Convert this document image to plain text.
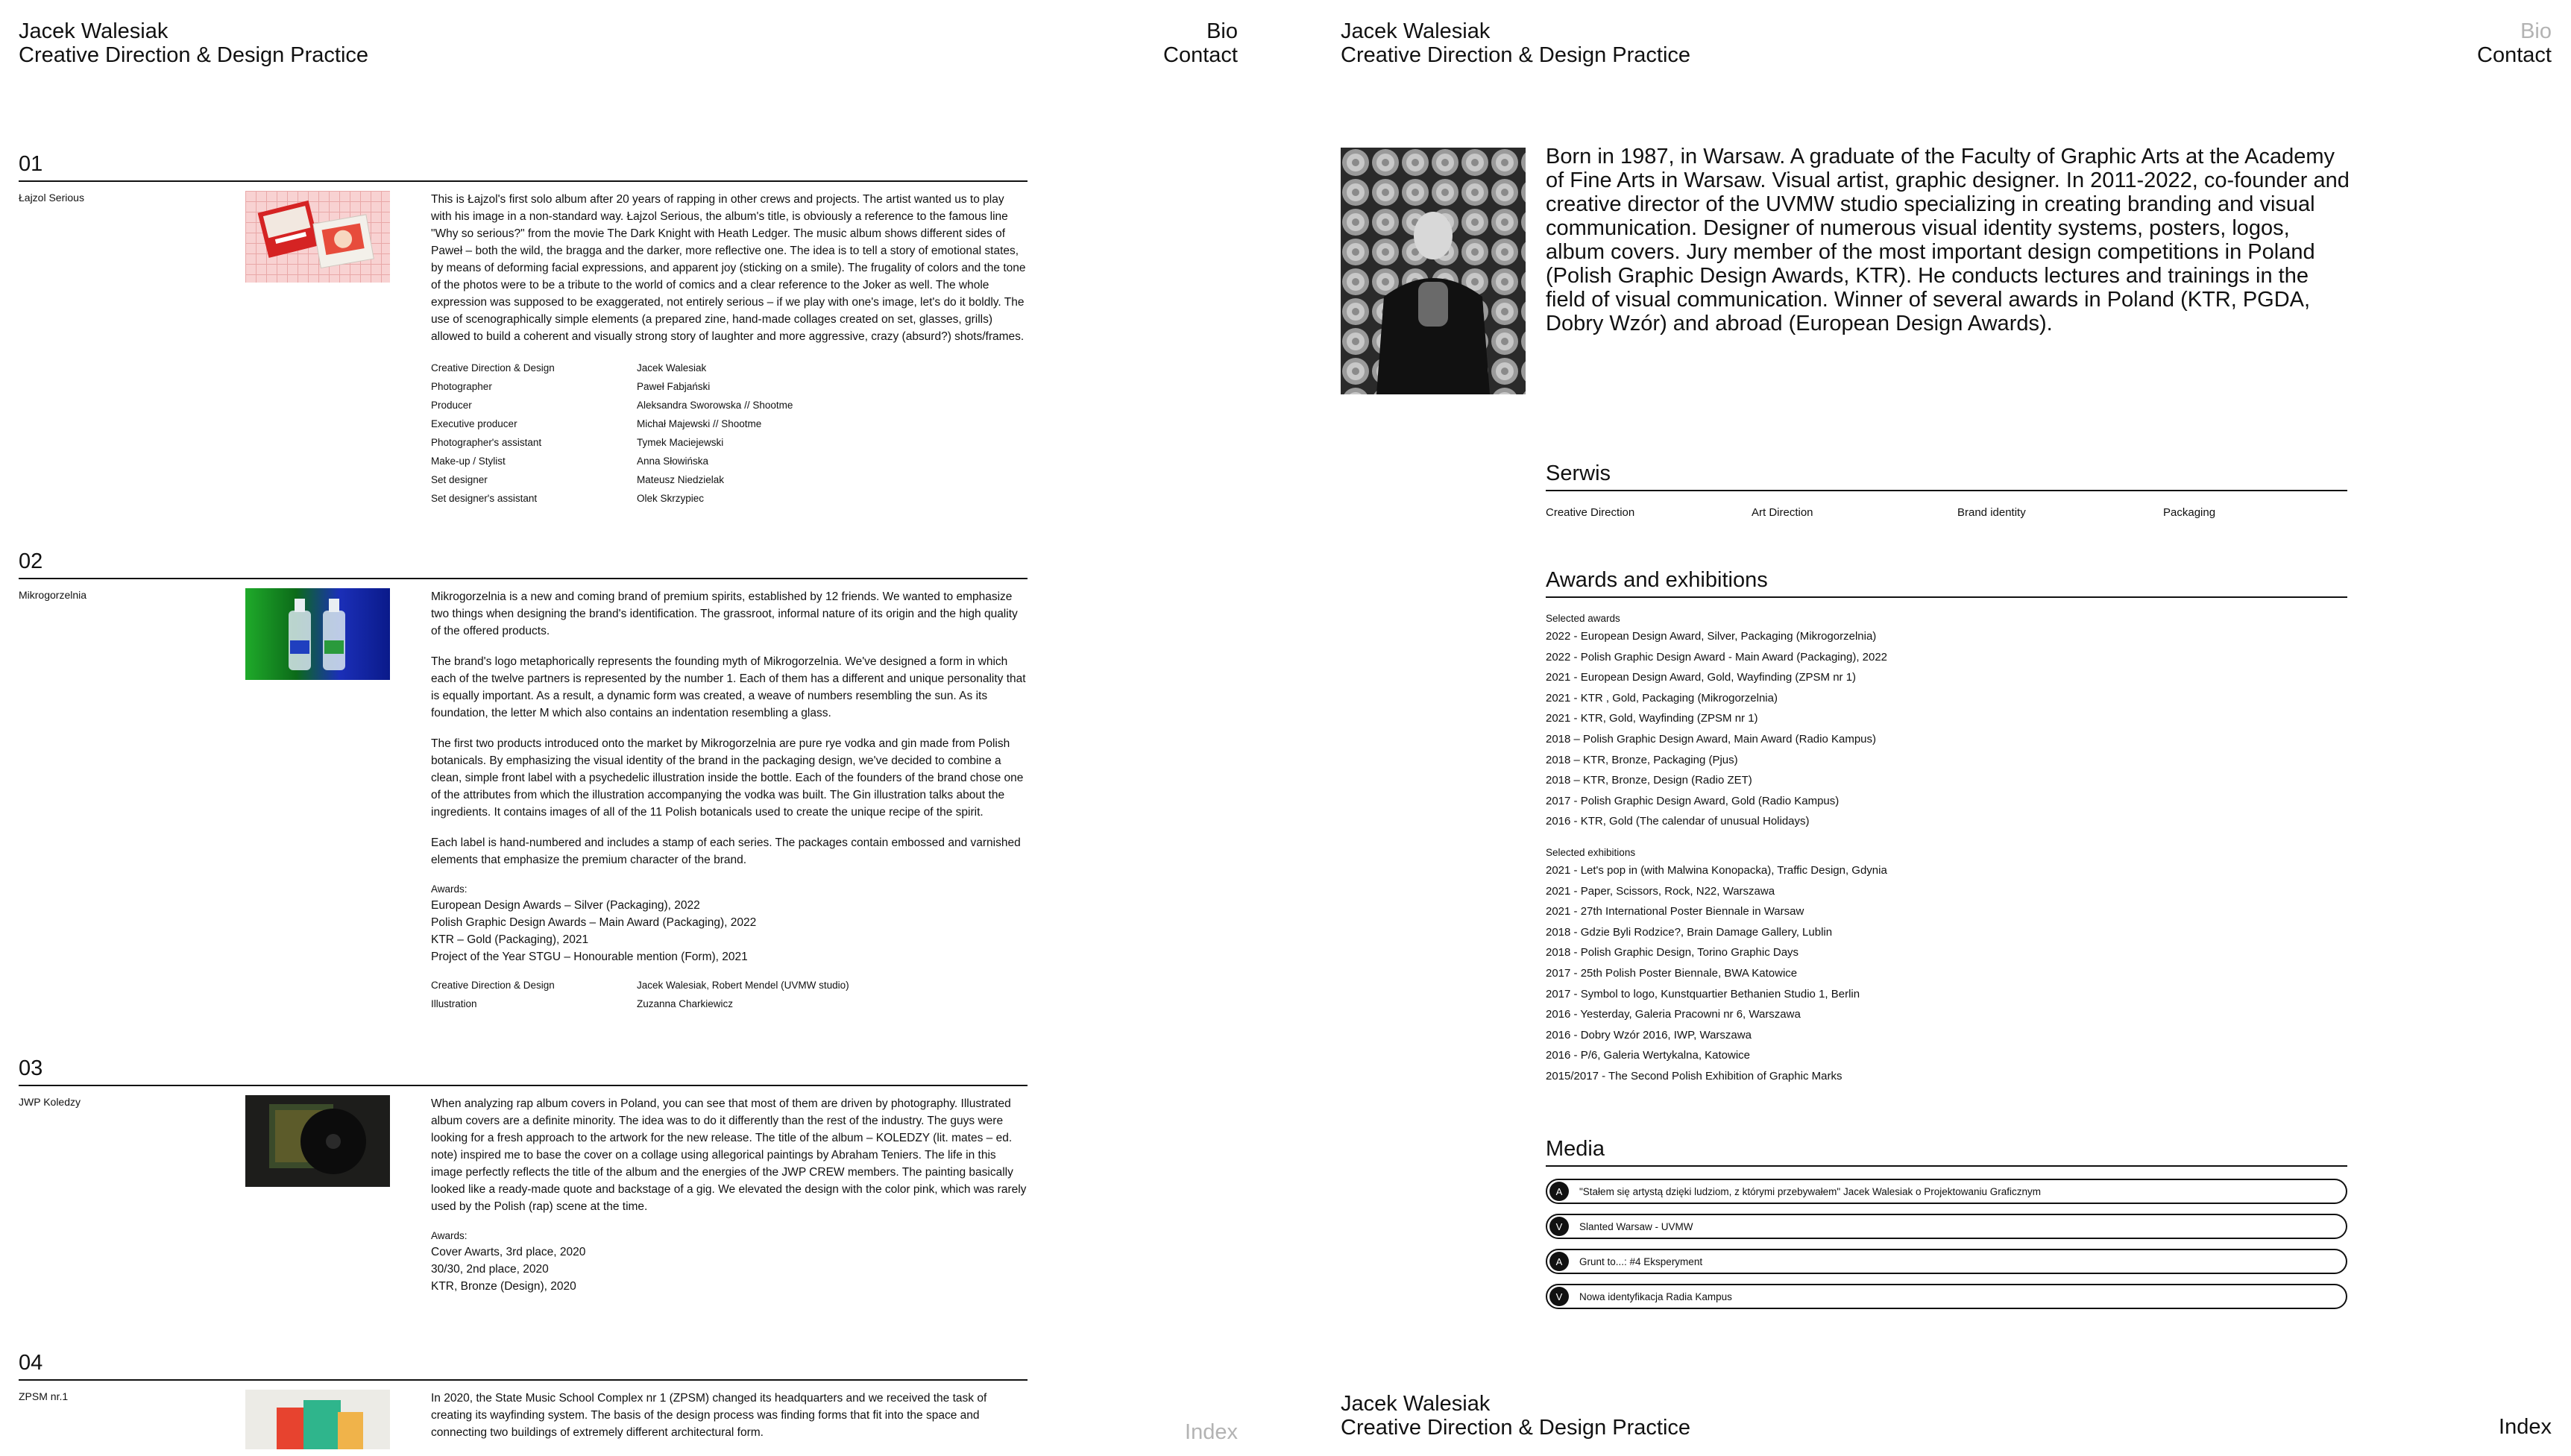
Jacek Walesiak
Creative Direction & Design Practice
Bio
Contact
01
Łajzol Serious	This is Łajzol's first solo album after 20 years of rapping in other crews and projects. The artist wanted us to play with his image in a non-standard way. Łajzol Serious, the album's title, is obviously a reference to the famous line "Why so serious?" from the movie The Dark Knight with Heath Ledger. The music album shows different sides of Paweł – both the wild, the bragga and the darker, more reflective one. The idea is to tell a story of emotional states, by means of deforming facial expressions, and apparent joy (sticking on a smile). The frugality of colors and the tone of the photos were to be a tribute to the world of comics and a clear reference to the Joker as well. The whole expression was supposed to be exaggerated, not entirely serious – if we play with one's image, let's do it boldly. The use of scenographically simple elements (a prepared zine, hand-made collages created on set, glasses, grills) allowed to build a coherent and visually strong story of laughter and more aggressive, crazy (absurd?) shots/frames.

Creative Direction & Design	Jacek Walesiak
Photographer	Paweł Fabjański
Producer	Aleksandra Sworowska // Shootme
Executive producer	Michał Majewski // Shootme
Photographer's assistant	Tymek Maciejewski
Make-up / Stylist	Anna Słowińska
Set designer	Mateusz Niedzielak
Set designer's assistant	Olek Skrzypiec
02
Mikrogorzelnia	Mikrogorzelnia is a new and coming brand of premium spirits, established by 12 friends. We wanted to emphasize two things when designing the brand's identification. The grassroot, informal nature of its origin and the high quality of the offered products.

The brand's logo metaphorically represents the founding myth of Mikrogorzelnia. We've designed a form in which each of the twelve partners is represented by the number 1. Each of them has a different and unique personality that is equally important. As a result, a dynamic form was created, a weave of numbers resembling the sun. As its foundation, the letter M which also contains an indentation resembling a glass.

The first two products introduced onto the market by Mikrogorzelnia are pure rye vodka and gin made from Polish botanicals. By emphasizing the visual identity of the brand in the packaging design, we've decided to combine a clean, simple front label with a psychedelic illustration inside the bottle. Each of the founders of the brand chose one of the attributes from which the illustration accompanying the vodka was built. The Gin illustration talks about the ingredients. It contains images of all of the 11 Polish botanicals used to create the unique recipe of the spirit.

Each label is hand-numbered and includes a stamp of each series. The packages contain embossed and varnished elements that emphasize the premium character of the brand.

Awards:
European Design Awards – Silver (Packaging), 2022
Polish Graphic Design Awards – Main Award (Packaging), 2022
KTR – Gold (Packaging), 2021
Project of the Year STGU – Honourable mention (Form), 2021
Creative Direction & Design	Jacek Walesiak, Robert Mendel (UVMW studio)
Illustration	Zuzanna Charkiewicz
03
JWP Koledzy	When analyzing rap album covers in Poland, you can see that most of them are driven by photography. Illustrated album covers are a definite minority. The idea was to do it differently than the rest of the industry. The guys were looking for a fresh approach to the artwork for the new release. The title of the album – KOLEDZY (lit. mates – ed. note) inspired me to base the cover on a collage using allegorical paintings by Abraham Teniers. The life in this image perfectly reflects the title of the album and the energies of the JWP CREW members. The painting basically looked like a ready-made quote and backstage of a gig. We elevated the design with the color pink, which was rarely used by the Polish (rap) scene at the time.

Awards:
Cover Awarts, 3rd place, 2020
30/30, 2nd place, 2020
KTR, Bronze (Design), 2020
04
ZPSM nr.1	In 2020, the State Music School Complex nr 1 (ZPSM) changed its headquarters and we received the task of creating its wayfinding system. The basis of the design process was finding forms that fit into the space and connecting two buildings of extremely different architectural form.	Index
Jacek Walesiak
Creative Direction & Design Practice
Bio
Contact
Born in 1987, in Warsaw. A graduate of the Faculty of Graphic Arts at the Academy of Fine Arts in Warsaw. Visual artist, graphic designer. In 2011-2022, co-founder and creative director of the UVMW studio specializing in creating branding and visual communication. Designer of numerous visual identity systems, posters, logos, album covers. Jury member of the most important design competitions in Poland (Polish Graphic Design Awards, KTR). He conducts lectures and trainings in the field of visual communication. Winner of several awards in Poland (KTR, PGDA, Dobry Wzór) and abroad (European Design Awards).
Serwis
Creative Direction	Art Direction	Brand identity	Packaging
Awards and exhibitions
Selected awards
2022 - European Design Award, Silver, Packaging (Mikrogorzelnia)
2022 - Polish Graphic Design Award - Main Award (Packaging), 2022
2021 - European Design Award, Gold, Wayfinding (ZPSM nr 1)
2021 - KTR , Gold, Packaging (Mikrogorzelnia)
2021 - KTR, Gold, Wayfinding (ZPSM nr 1)
2018 – Polish Graphic Design Award, Main Award (Radio Kampus)
2018 – KTR, Bronze, Packaging (Pjus)
2018 – KTR, Bronze, Design (Radio ZET)
2017 - Polish Graphic Design Award, Gold (Radio Kampus)
2016 - KTR, Gold (The calendar of unusual Holidays)
Selected exhibitions
2021 - Let's pop in (with Malwina Konopacka), Traffic Design, Gdynia
2021 - Paper, Scissors, Rock, N22, Warszawa
2021 - 27th International Poster Biennale in Warsaw
2018 - Gdzie Byli Rodzice?, Brain Damage Gallery, Lublin
2018 - Polish Graphic Design, Torino Graphic Days
2017 - 25th Polish Poster Biennale, BWA Katowice
2017 - Symbol to logo, Kunstquartier Bethanien Studio 1, Berlin
2016 - Yesterday, Galeria Pracowni nr 6, Warszawa
2016 - Dobry Wzór 2016, IWP, Warszawa
2016 - P/6, Galeria Wertykalna, Katowice
2015/2017 - The Second Polish Exhibition of Graphic Marks
Media
A	"Stałem się artystą dzięki ludziom, z którymi przebywałem" Jacek Walesiak o Projektowaniu Graficznym
V	Slanted Warsaw - UVMW
A	Grunt to...: #4 Eksperyment
V	Nowa identyfikacja Radia Kampus
Jacek Walesiak
Creative Direction & Design Practice	Index
